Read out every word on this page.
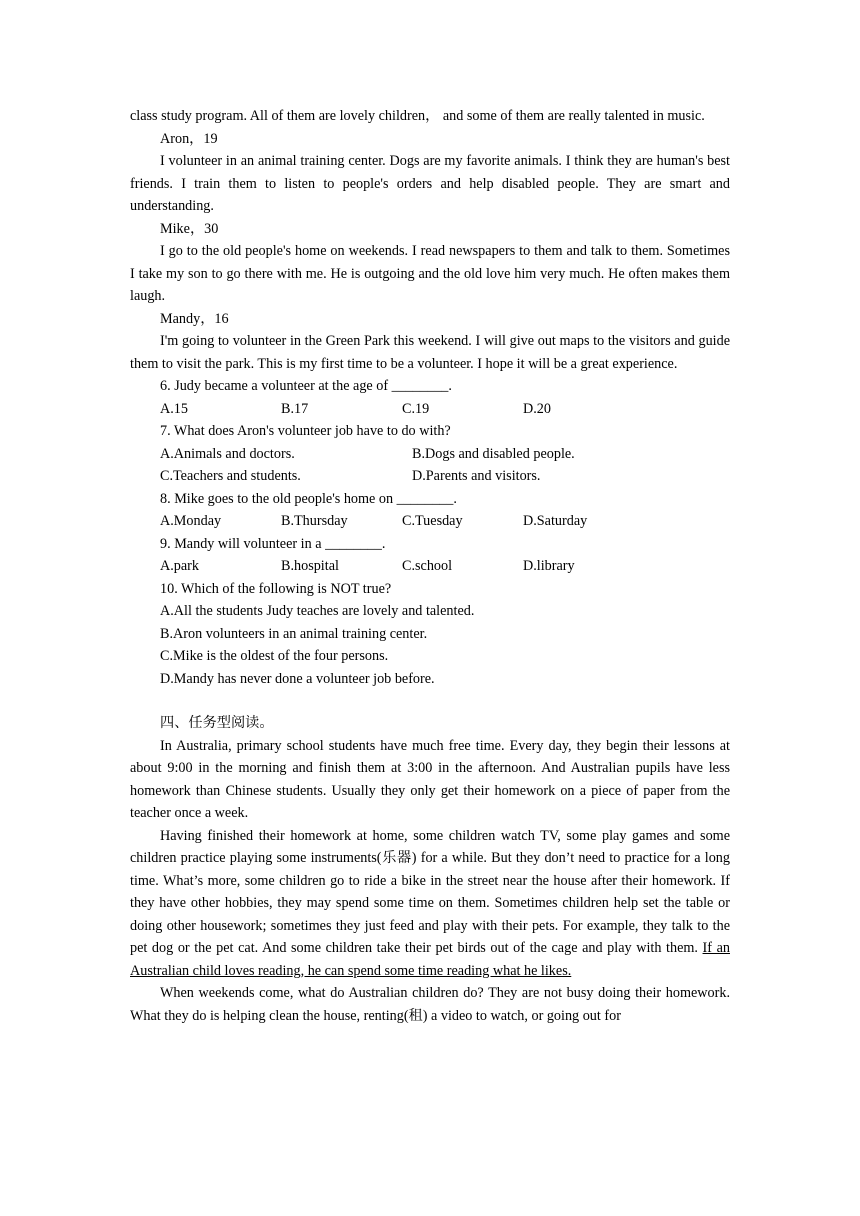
class study program. All of them are lovely children， and some of them are really talented in music.

Aron，19

I volunteer in an animal training center. Dogs are my favorite animals. I think they are human's best friends. I train them to listen to people's orders and help disabled people. They are smart and understanding.

Mike，30

I go to the old people's home on weekends. I read newspapers to them and talk to them. Sometimes I take my son to go there with me. He is outgoing and the old love him very much. He often makes them laugh.

Mandy，16

I'm going to volunteer in the Green Park this weekend. I will give out maps to the visitors and guide them to visit the park. This is my first time to be a volunteer. I hope it will be a great experience.

6. Judy became a volunteer at the age of ________.

A.15	B.17	C.19	D.20

7. What does Aron's volunteer job have to do with?

A.Animals and doctors.	B.Dogs and disabled people.
C.Teachers and students.	D.Parents and visitors.

8. Mike goes to the old people's home on ________.

A.Monday	B.Thursday	C.Tuesday	D.Saturday

9. Mandy will volunteer in a ________.

A.park	B.hospital	C.school	D.library

10. Which of the following is NOT true?

A.All the students Judy teaches are lovely and talented.
B.Aron volunteers in an animal training center.
C.Mike is the oldest of the four persons.
D.Mandy has never done a volunteer job before.

四、任务型阅读。

In Australia, primary school students have much free time. Every day, they begin their lessons at about 9:00 in the morning and finish them at 3:00 in the afternoon. And Australian pupils have less homework than Chinese students. Usually they only get their homework on a piece of paper from the teacher once a week.

Having finished their homework at home, some children watch TV, some play games and some children practice playing some instruments(乐器) for a while. But they don’t need to practice for a long time. What’s more, some children go to ride a bike in the street near the house after their homework. If they have other hobbies, they may spend some time on them. Sometimes children help set the table or doing other housework; sometimes they just feed and play with their pets. For example, they talk to the pet dog or the pet cat. And some children take their pet birds out of the cage and play with them. If an Australian child loves reading, he can spend some time reading what he likes.

When weekends come, what do Australian children do? They are not busy doing their homework. What they do is helping clean the house, renting(租) a video to watch, or going out for
